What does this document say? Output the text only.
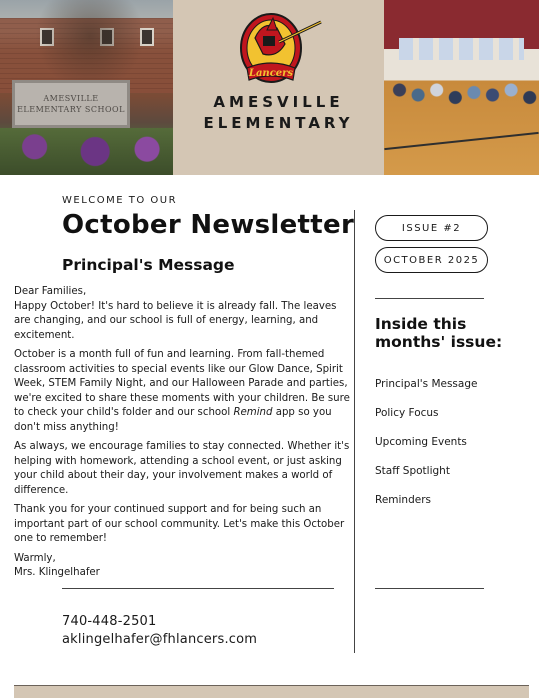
AMESVILLE
ELEMENTARY SCHOOL
Lancers
AMESVILLE
ELEMENTARY
WELCOME TO OUR
October Newsletter
Principal's Message

Dear Families,

Happy October! It's hard to believe it is already fall. The leaves are changing, and our school is full of energy, learning, and excitement.

October is a month full of fun and learning. From fall-themed classroom activities to special events like our Glow Dance, Spirit Week, STEM Family Night, and our Halloween Parade and parties, we're excited to share these moments with your children. Be sure to check your child's folder and our school Remind app so you don't miss anything!

As always, we encourage families to stay connected. Whether it's helping with homework, attending a school event, or just asking your child about their day, your involvement makes a world of difference.

Thank you for your continued support and for being such an important part of our school community. Let's make this October one to remember!

Warmly,

Mrs. Klingelhafer

740-448-2501
aklingelhafer@fhlancers.com
ISSUE #2
OCTOBER 2025
Inside this months' issue:
Principal's Message
Policy Focus
Upcoming Events
Staff Spotlight
Reminders
